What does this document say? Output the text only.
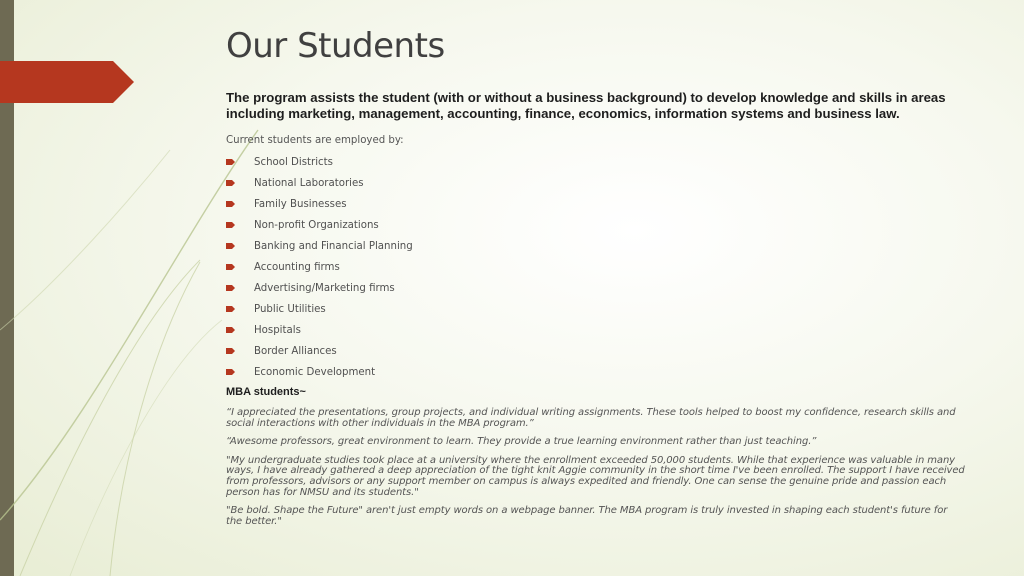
Our Students

The program assists the student (with or without a business background) to develop knowledge and skills in areas including marketing, management, accounting, finance, economics, information systems and business law.

Current students are employed by:

School Districts
National Laboratories
Family Businesses
Non-profit Organizations
Banking and Financial Planning
Accounting firms
Advertising/Marketing firms
Public Utilities
Hospitals
Border Alliances
Economic Development

MBA students~

“I appreciated the presentations, group projects, and individual writing assignments. These tools helped to boost my confidence, research skills and social interactions with other individuals in the MBA program.”

“Awesome professors, great environment to learn. They provide a true learning environment rather than just teaching.”

"My undergraduate studies took place at a university where the enrollment exceeded 50,000 students. While that experience was valuable in many ways, I have already gathered a deep appreciation of the tight knit Aggie community in the short time I've been enrolled. The support I have received from professors, advisors or any support member on campus is always expedited and friendly. One can sense the genuine pride and passion each person has for NMSU and its students."

"Be bold. Shape the Future" aren't just empty words on a webpage banner. The MBA program is truly invested in shaping each student's future for the better."
